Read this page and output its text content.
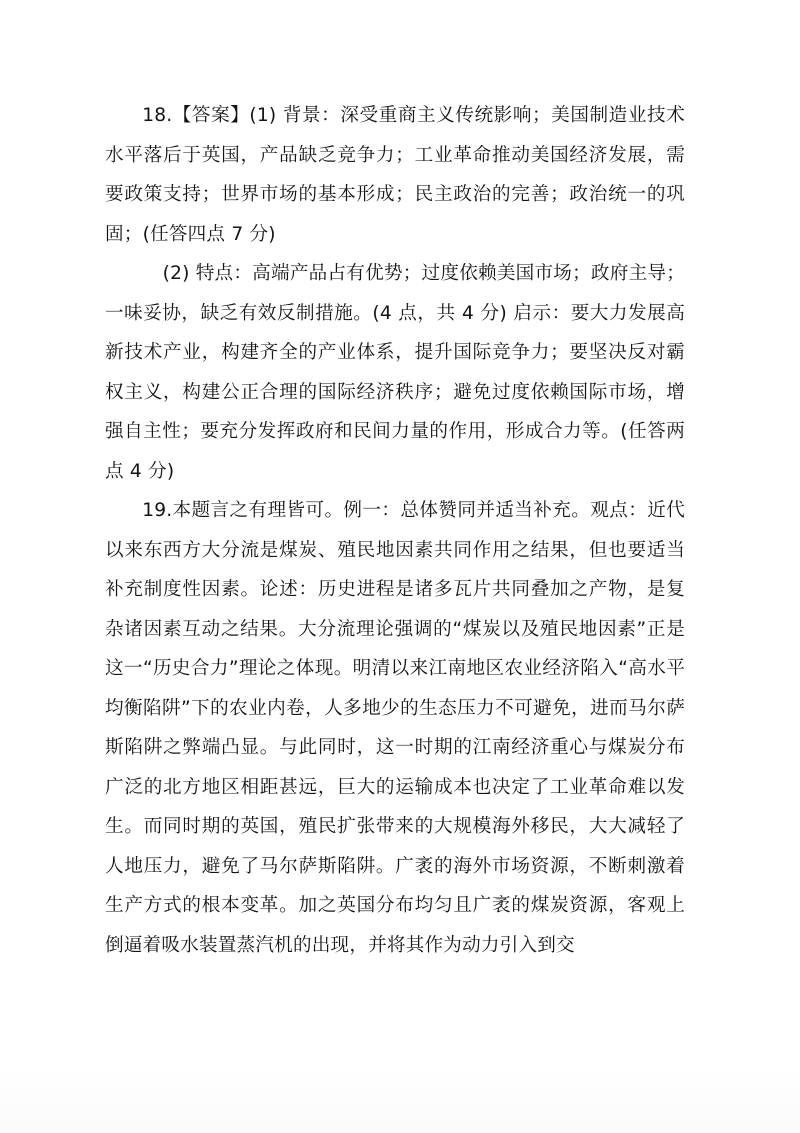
18.【答案】(1) 背景：深受重商主义传统影响；美国制造业技术水平落后于英国，产品缺乏竞争力；工业革命推动美国经济发展，需要政策支持；世界市场的基本形成；民主政治的完善；政治统一的巩固；(任答四点 7 分)

(2) 特点：高端产品占有优势；过度依赖美国市场；政府主导；一味妥协，缺乏有效反制措施。(4 点，共 4 分) 启示：要大力发展高新技术产业，构建齐全的产业体系，提升国际竞争力；要坚决反对霸权主义，构建公正合理的国际经济秩序；避免过度依赖国际市场，增强自主性；要充分发挥政府和民间力量的作用，形成合力等。(任答两点 4 分)

19.本题言之有理皆可。例一：总体赞同并适当补充。观点：近代以来东西方大分流是煤炭、殖民地因素共同作用之结果，但也要适当补充制度性因素。论述：历史进程是诸多瓦片共同叠加之产物，是复杂诸因素互动之结果。大分流理论强调的“煤炭以及殖民地因素”正是这一“历史合力”理论之体现。明清以来江南地区农业经济陷入“高水平均衡陷阱”下的农业内卷，人多地少的生态压力不可避免，进而马尔萨斯陷阱之弊端凸显。与此同时，这一时期的江南经济重心与煤炭分布广泛的北方地区相距甚远，巨大的运输成本也决定了工业革命难以发生。而同时期的英国，殖民扩张带来的大规模海外移民，大大减轻了人地压力，避免了马尔萨斯陷阱。广袤的海外市场资源，不断刺激着生产方式的根本变革。加之英国分布均匀且广袤的煤炭资源，客观上倒逼着吸水装置蒸汽机的出现，并将其作为动力引入到交
